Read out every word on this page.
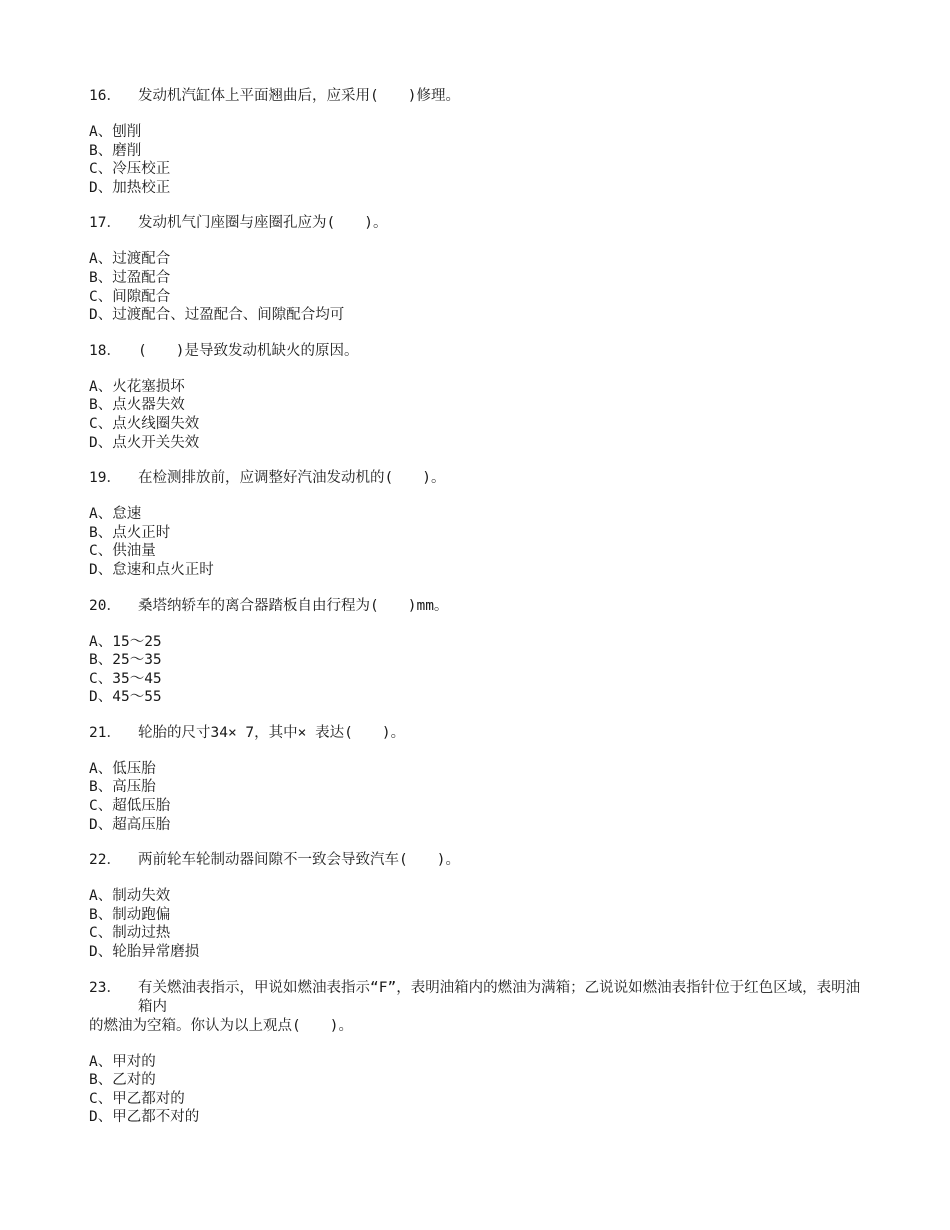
16．	发动机汽缸体上平面翘曲后，应采用(　　)修理。
A、刨削
B、磨削
C、冷压校正
D、加热校正
17．	发动机气门座圈与座圈孔应为(　　)。
A、过渡配合
B、过盈配合
C、间隙配合
D、过渡配合、过盈配合、间隙配合均可
18．	(　　)是导致发动机缺火的原因。
A、火花塞损坏
B、点火器失效
C、点火线圈失效
D、点火开关失效
19．	在检测排放前，应调整好汽油发动机的(　　)。
A、怠速
B、点火正时
C、供油量
D、怠速和点火正时
20．	桑塔纳轿车的离合器踏板自由行程为(　　)mm。
A、15～25
B、25～35
C、35～45
D、45～55
21．	轮胎的尺寸34× 7，其中× 表达(　　)。
A、低压胎
B、高压胎
C、超低压胎
D、超高压胎
22．	两前轮车轮制动器间隙不一致会导致汽车(　　)。
A、制动失效
B、制动跑偏
C、制动过热
D、轮胎异常磨损
23．	有关燃油表指示，甲说如燃油表指示“F”，表明油箱内的燃油为满箱；乙说说如燃油表指针位于红色区域，表明油箱内
的燃油为空箱。你认为以上观点(　　)。
A、甲对的
B、乙对的
C、甲乙都对的
D、甲乙都不对的
